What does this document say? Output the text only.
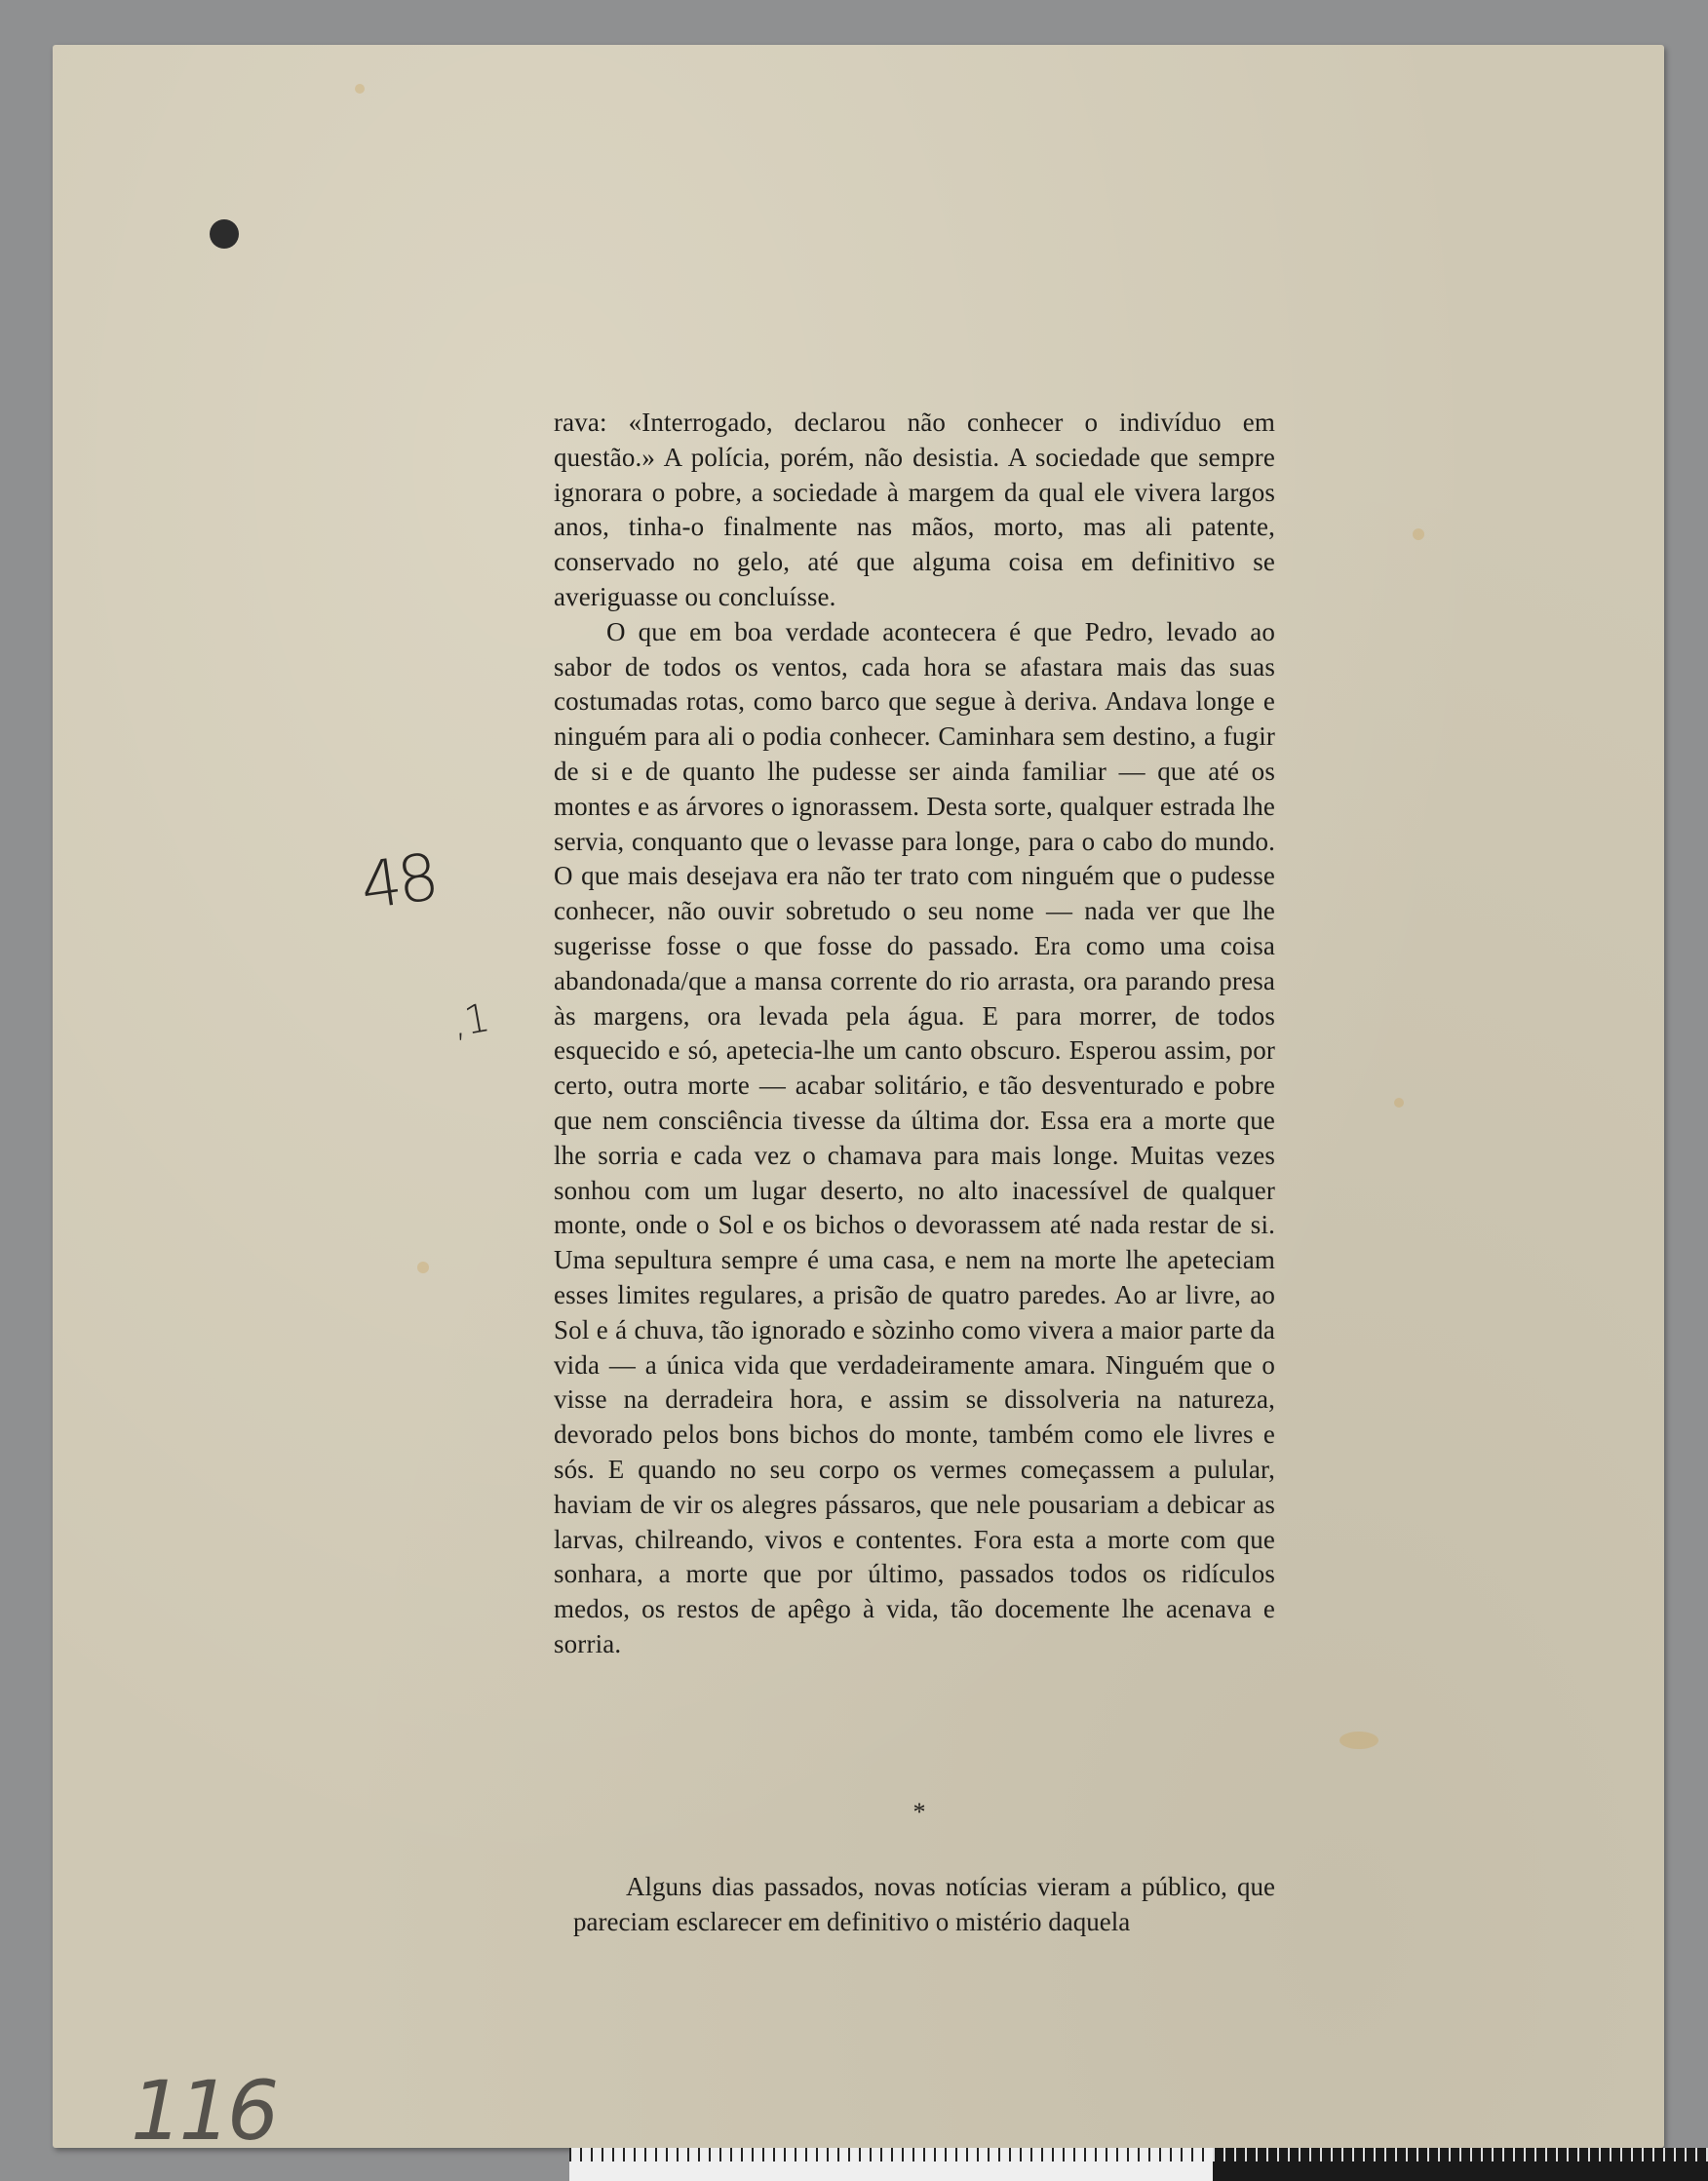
rava: «Interrogado, declarou não conhecer o indivíduo em questão.» A polícia, porém, não desistia. A sociedade que sempre ignorara o pobre, a sociedade à margem da qual ele vivera largos anos, tinha-o finalmente nas mãos, morto, mas ali patente, conservado no gelo, até que alguma coisa em definitivo se averiguasse ou concluísse.

O que em boa verdade acontecera é que Pedro, levado ao sabor de todos os ventos, cada hora se afastara mais das suas costumadas rotas, como barco que segue à deriva. Andava longe e ninguém para ali o podia conhecer. Caminhara sem destino, a fugir de si e de quanto lhe pudesse ser ainda familiar — que até os montes e as árvores o ignorassem. Desta sorte, qualquer estrada lhe servia, conquanto que o levasse para longe, para o cabo do mundo. O que mais desejava era não ter trato com ninguém que o pudesse conhecer, não ouvir sobretudo o seu nome — nada ver que lhe sugerisse fosse o que fosse do passado. Era como uma coisa abandonada/que a mansa corrente do rio arrasta, ora parando presa às margens, ora levada pela água. E para morrer, de todos esquecido e só, apetecia-lhe um canto obscuro. Esperou assim, por certo, outra morte — acabar solitário, e tão desventurado e pobre que nem consciência tivesse da última dor. Essa era a morte que lhe sorria e cada vez o chamava para mais longe. Muitas vezes sonhou com um lugar deserto, no alto inacessível de qualquer monte, onde o Sol e os bichos o devorassem até nada restar de si. Uma sepultura sempre é uma casa, e nem na morte lhe apeteciam esses limites regulares, a prisão de quatro paredes. Ao ar livre, ao Sol e á chuva, tão ignorado e sòzinho como vivera a maior parte da vida — a única vida que verdadeiramente amara. Ninguém que o visse na derradeira hora, e assim se dissolveria na natureza, devorado pelos bons bichos do monte, também como ele livres e sós. E quando no seu corpo os vermes começassem a pulular, haviam de vir os alegres pássaros, que nele pousariam a debicar as larvas, chilreando, vivos e contentes. Fora esta a morte com que sonhara, a morte que por último, passados todos os ridículos medos, os restos de apêgo à vida, tão docemente lhe acenava e sorria.

*

Alguns dias passados, novas notícias vieram a público, que pareciam esclarecer em definitivo o mistério daquela

48
,1
116
